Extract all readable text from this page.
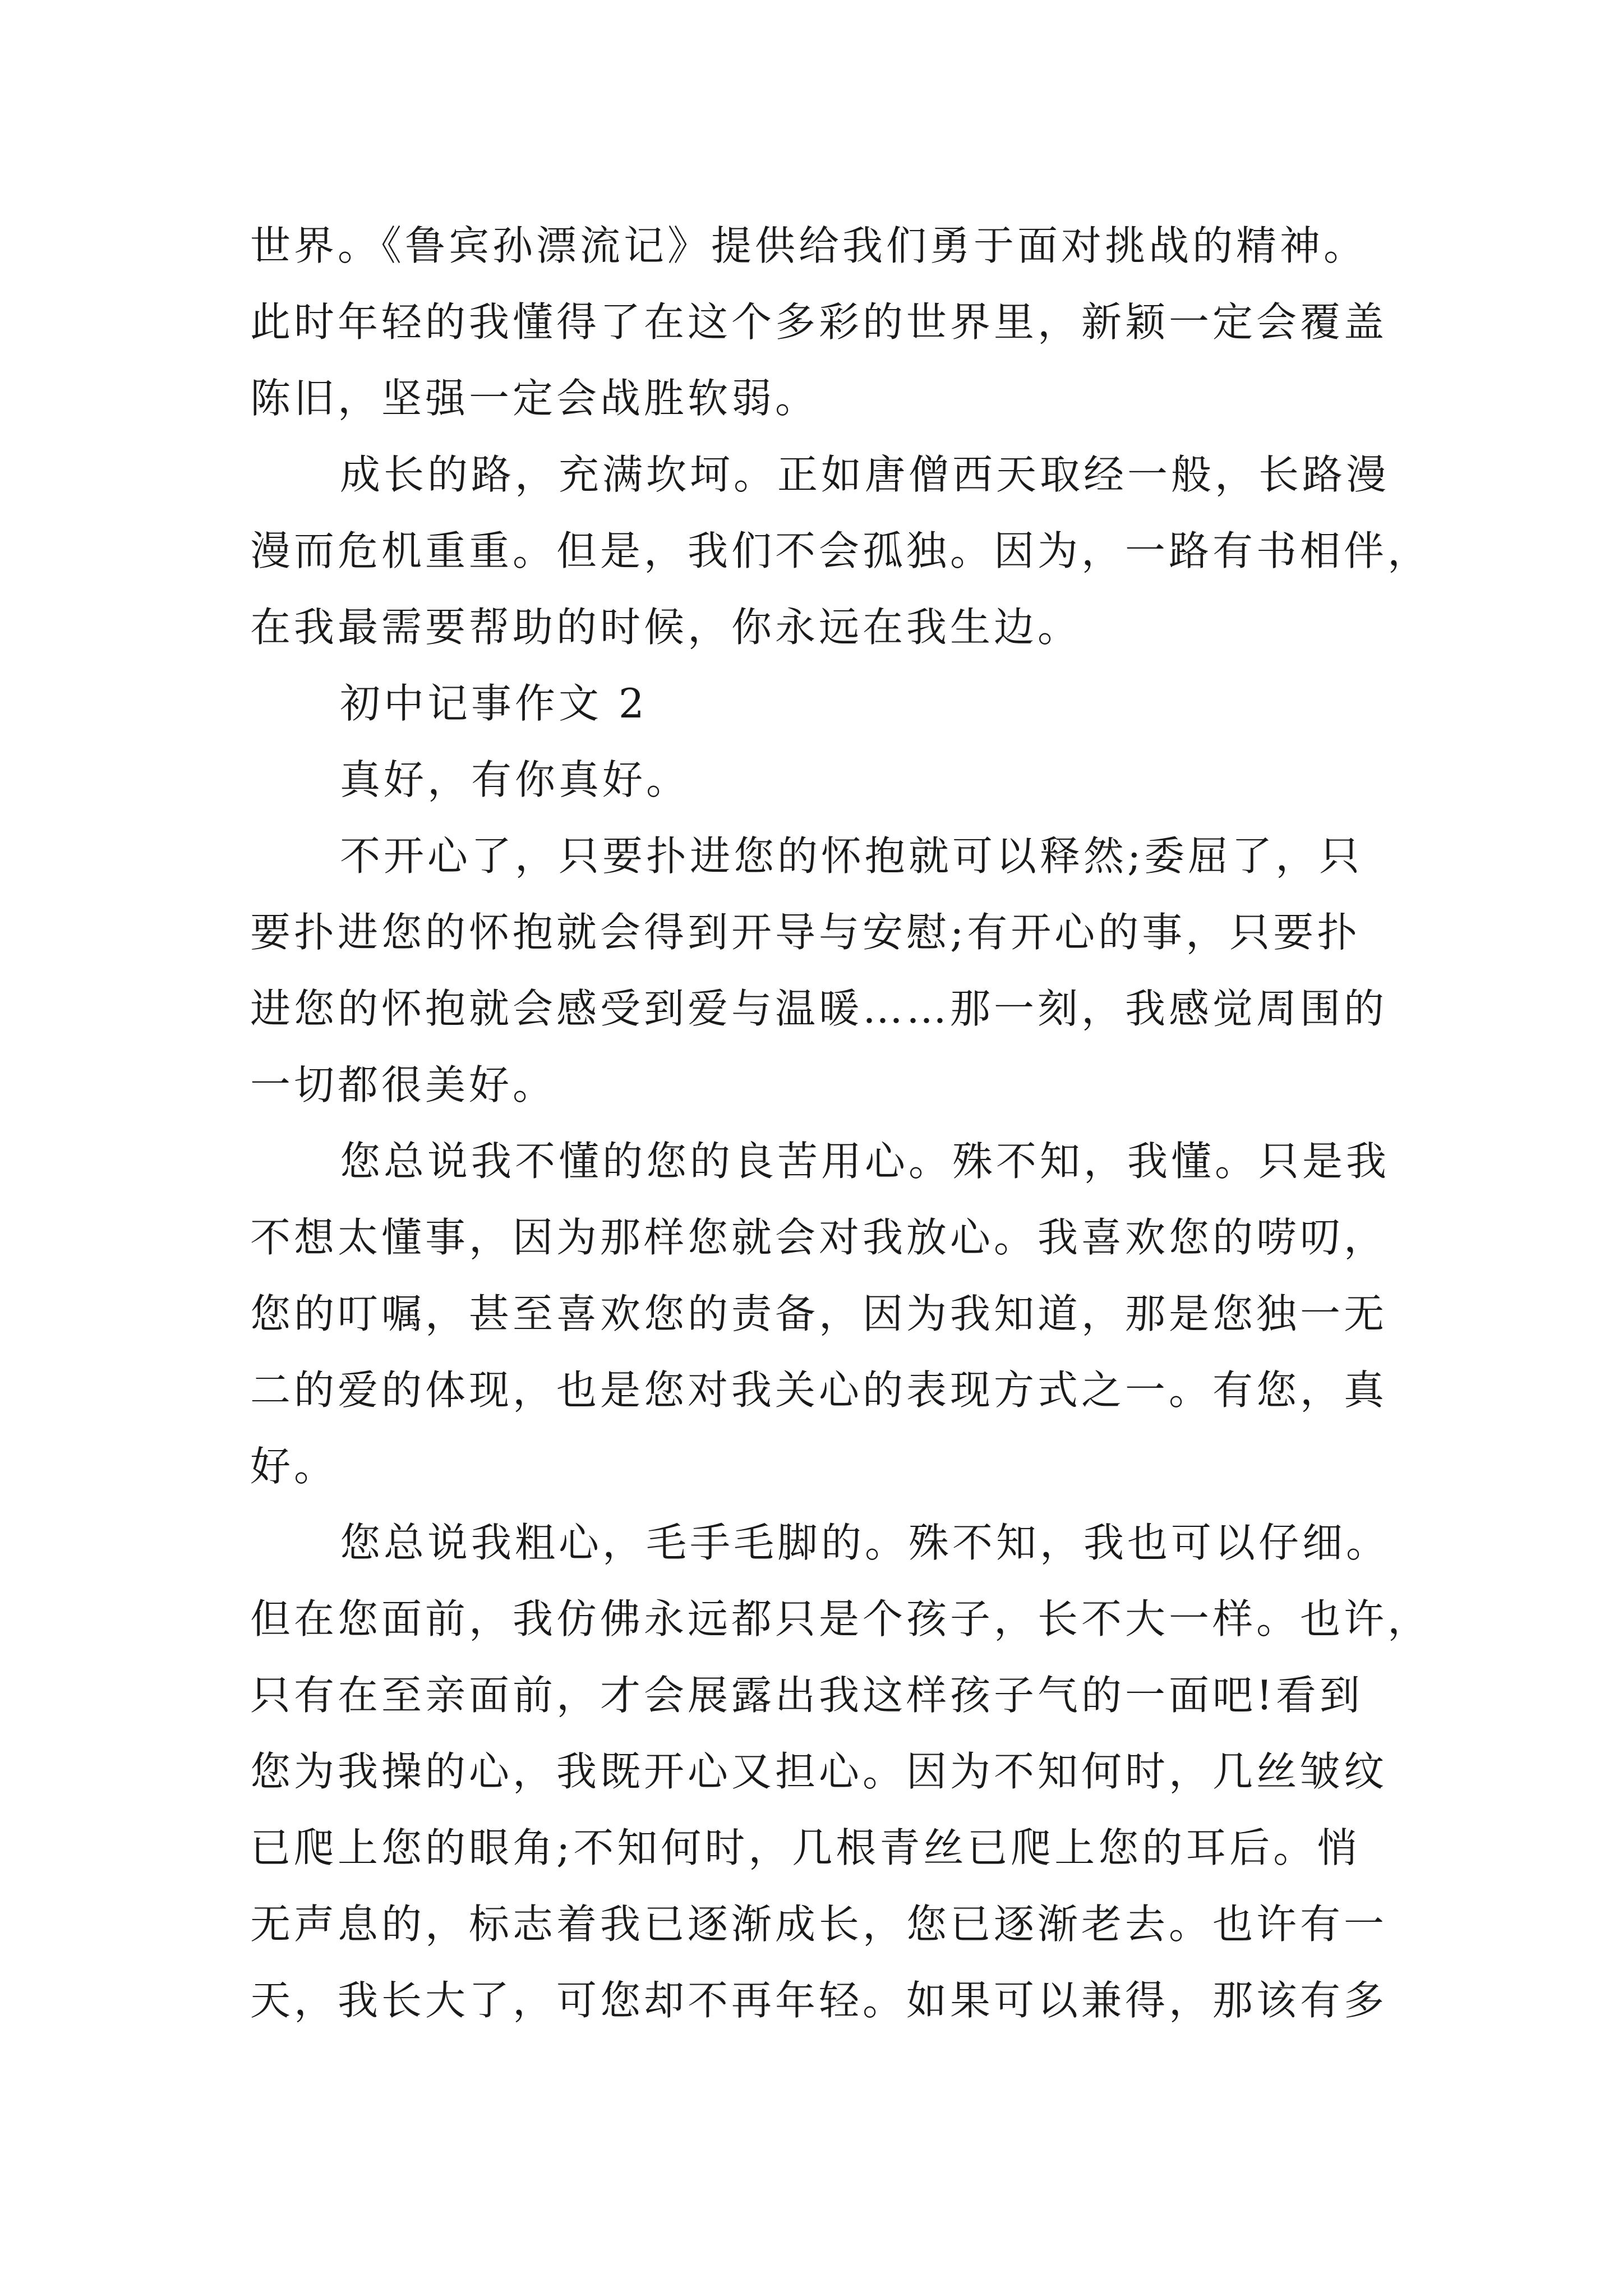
世界。《鲁宾孙漂流记》提供给我们勇于面对挑战的精神。
此时年轻的我懂得了在这个多彩的世界里，新颖一定会覆盖
陈旧，坚强一定会战胜软弱。
成长的路，充满坎坷。正如唐僧西天取经一般，长路漫
漫而危机重重。但是，我们不会孤独。因为，一路有书相伴，
在我最需要帮助的时候，你永远在我生边。
初中记事作文 2
真好，有你真好。
不开心了，只要扑进您的怀抱就可以释然;委屈了，只
要扑进您的怀抱就会得到开导与安慰;有开心的事，只要扑
进您的怀抱就会感受到爱与温暖……那一刻，我感觉周围的
一切都很美好。
您总说我不懂的您的良苦用心。殊不知，我懂。只是我
不想太懂事，因为那样您就会对我放心。我喜欢您的唠叨，
您的叮嘱，甚至喜欢您的责备，因为我知道，那是您独一无
二的爱的体现，也是您对我关心的表现方式之一。有您，真
好。
您总说我粗心，毛手毛脚的。殊不知，我也可以仔细。
但在您面前，我仿佛永远都只是个孩子，长不大一样。也许，
只有在至亲面前，才会展露出我这样孩子气的一面吧!看到
您为我操的心，我既开心又担心。因为不知何时，几丝皱纹
已爬上您的眼角;不知何时，几根青丝已爬上您的耳后。悄
无声息的，标志着我已逐渐成长，您已逐渐老去。也许有一
天，我长大了，可您却不再年轻。如果可以兼得，那该有多
